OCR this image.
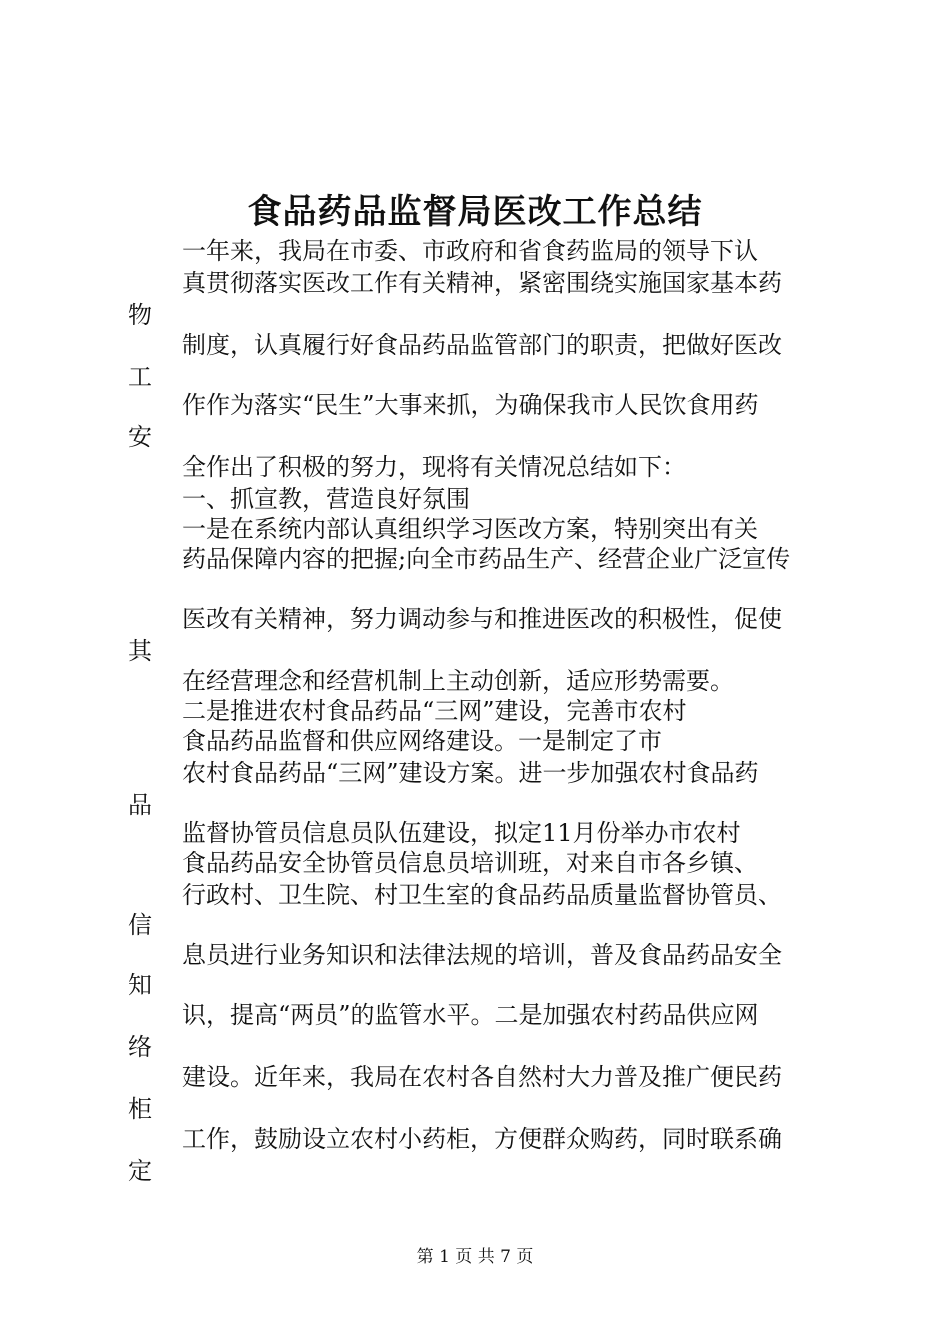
食品药品监督局医改工作总结

一年来，我局在市委、市政府和省食药监局的领导下认

真贯彻落实医改工作有关精神，紧密围绕实施国家基本药

物

制度，认真履行好食品药品监管部门的职责，把做好医改

工

作作为落实“民生”大事来抓，为确保我市人民饮食用药

安

全作出了积极的努力，现将有关情况总结如下：

一、抓宣教，营造良好氛围

一是在系统内部认真组织学习医改方案，特别突出有关

药品保障内容的把握;向全市药品生产、经营企业广泛宣传

医改有关精神，努力调动参与和推进医改的积极性，促使

其

在经营理念和经营机制上主动创新，适应形势需要。

二是推进农村食品药品“三网”建设，完善市农村

食品药品监督和供应网络建设。一是制定了市

农村食品药品“三网”建设方案。进一步加强农村食品药

品

监督协管员信息员队伍建设，拟定11月份举办市农村

食品药品安全协管员信息员培训班，对来自市各乡镇、

行政村、卫生院、村卫生室的食品药品质量监督协管员、

信

息员进行业务知识和法律法规的培训，普及食品药品安全

知

识，提高“两员”的监管水平。二是加强农村药品供应网

络

建设。近年来，我局在农村各自然村大力普及推广便民药

柜

工作，鼓励设立农村小药柜，方便群众购药，同时联系确

定

第 1 页 共 7 页
